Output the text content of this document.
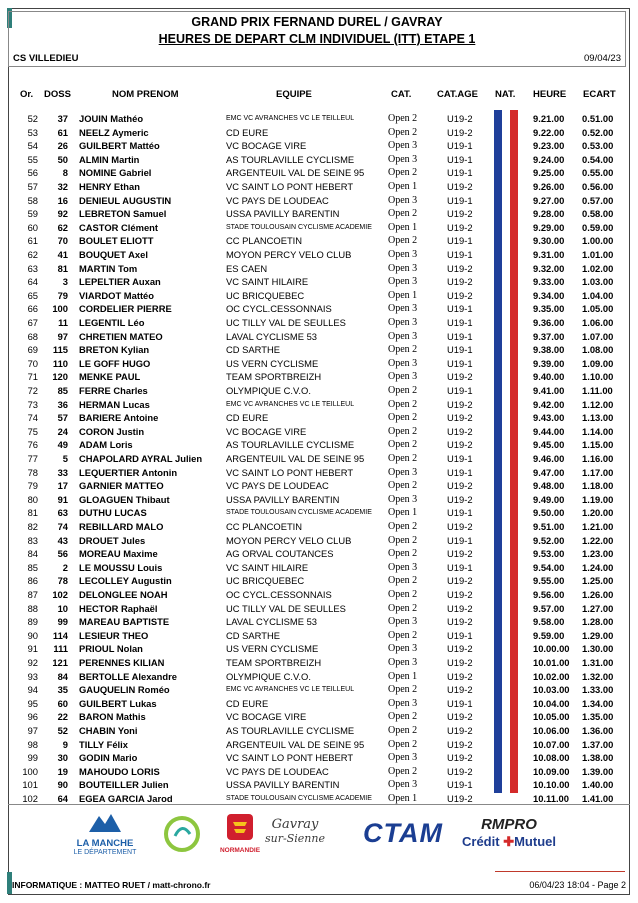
GRAND PRIX FERNAND DUREL / GAVRAY
HEURES DE DEPART CLM INDIVIDUEL (ITT) ETAPE 1
CS VILLEDIEU	09/04/23
Or. DOSS	NOM PRENOM	EQUIPE	CAT.	CAT.AGE NAT. HEURE ECART
52	37 JOUIN Mathéo	EMC VC AVRANCHES VC LE TEILLEUL	Open 2	U19-2	9.21.00 0.51.00
53	61 NEELZ Aymeric	CD EURE	Open 2	U19-2	9.22.00 0.52.00
54	26 GUILBERT Mattéo	VC BOCAGE VIRE	Open 3	U19-1	9.23.00 0.53.00
55	50 ALMIN Martin	AS TOURLAVILLE CYCLISME	Open 3	U19-1	9.24.00 0.54.00
56	8 NOMINE Gabriel	ARGENTEUIL VAL DE SEINE 95 Open 2	U19-1	9.25.00 0.55.00
57	32 HENRY Ethan	VC SAINT LO PONT HEBERT	Open 1	U19-2	9.26.00 0.56.00
58	16 DENIEUL AUGUSTIN	VC PAYS DE LOUDEAC	Open 3	U19-1	9.27.00 0.57.00
59	92 LEBRETON Samuel	USSA PAVILLY BARENTIN	Open 2	U19-2	9.28.00 0.58.00
60	62 CASTOR Clément	STADE TOULOUSAIN CYCLISME ACADEMIE Open 1	U19-2	9.29.00 0.59.00
61	70 BOULET ELIOTT	CC PLANCOETIN	Open 2	U19-1	9.30.00 1.00.00
62	41 BOUQUET Axel	MOYON PERCY VELO CLUB	Open 3	U19-1	9.31.00 1.01.00
63	81 MARTIN Tom	ES CAEN	Open 3	U19-2	9.32.00 1.02.00
64	3 LEPELTIER Auxan	VC SAINT HILAIRE	Open 3	U19-2	9.33.00 1.03.00
65	79 VIARDOT Mattéo	UC BRICQUEBEC	Open 1	U19-2	9.34.00 1.04.00
66	100 CORDELIER PIERRE	OC CYCL.CESSONNAIS	Open 3	U19-1	9.35.00 1.05.00
67	11 LEGENTIL Léo	UC TILLY VAL DE SEULLES	Open 3	U19-1	9.36.00 1.06.00
68	97 CHRETIEN MATEO	LAVAL CYCLISME 53	Open 3	U19-1	9.37.00 1.07.00
69	115 BRETON Kylian	CD SARTHE	Open 2	U19-1	9.38.00 1.08.00
70	110 LE GOFF HUGO	US VERN CYCLISME	Open 3	U19-1	9.39.00 1.09.00
71	120 MENKE PAUL	TEAM SPORTBREIZH	Open 3	U19-2	9.40.00 1.10.00
72	85 FERRE Charles	OLYMPIQUE C.V.O.	Open 2	U19-1	9.41.00 1.11.00
73	36 HERMAN Lucas	EMC VC AVRANCHES VC LE TEILLEUL	Open 2	U19-2	9.42.00 1.12.00
74	57 BARIERE Antoine	CD EURE	Open 2	U19-2	9.43.00 1.13.00
75	24 CORON Justin	VC BOCAGE VIRE	Open 2	U19-2	9.44.00 1.14.00
76	49 ADAM Loris	AS TOURLAVILLE CYCLISME	Open 2	U19-2	9.45.00 1.15.00
77	5 CHAPOLARD AYRAL Julien	ARGENTEUIL VAL DE SEINE 95 Open 2	U19-1	9.46.00 1.16.00
78	33 LEQUERTIER Antonin	VC SAINT LO PONT HEBERT	Open 3	U19-1	9.47.00 1.17.00
79	17 GARNIER MATTEO	VC PAYS DE LOUDEAC	Open 2	U19-2	9.48.00 1.18.00
80	91 GLOAGUEN Thibaut	USSA PAVILLY BARENTIN	Open 3	U19-2	9.49.00 1.19.00
81	63 DUTHU LUCAS	STADE TOULOUSAIN CYCLISME ACADEMIE Open 1	U19-1	9.50.00 1.20.00
82	74 REBILLARD MALO	CC PLANCOETIN	Open 2	U19-2	9.51.00 1.21.00
83	43 DROUET Jules	MOYON PERCY VELO CLUB	Open 2	U19-1	9.52.00 1.22.00
84	56 MOREAU Maxime	AG ORVAL COUTANCES	Open 2	U19-2	9.53.00 1.23.00
85	2 LE MOUSSU Louis	VC SAINT HILAIRE	Open 3	U19-1	9.54.00 1.24.00
86	78 LECOLLEY Augustin	UC BRICQUEBEC	Open 2	U19-2	9.55.00 1.25.00
87	102 DELONGLEE NOAH	OC CYCL.CESSONNAIS	Open 2	U19-2	9.56.00 1.26.00
88	10 HECTOR Raphaël	UC TILLY VAL DE SEULLES	Open 2	U19-2	9.57.00 1.27.00
89	99 MAREAU BAPTISTE	LAVAL CYCLISME 53	Open 3	U19-2	9.58.00 1.28.00
90	114 LESIEUR THEO	CD SARTHE	Open 2	U19-1	9.59.00 1.29.00
91	111 PRIOUL Nolan	US VERN CYCLISME	Open 3	U19-2	10.00.00 1.30.00
92	121 PERENNES KILIAN	TEAM SPORTBREIZH	Open 3	U19-2	10.01.00 1.31.00
93	84 BERTOLLE Alexandre	OLYMPIQUE C.V.O.	Open 1	U19-2	10.02.00 1.32.00
94	35 GAUQUELIN Roméo	EMC VC AVRANCHES VC LE TEILLEUL	Open 2	U19-2	10.03.00 1.33.00
95	60 GUILBERT Lukas	CD EURE	Open 3	U19-1	10.04.00 1.34.00
96	22 BARON Mathis	VC BOCAGE VIRE	Open 2	U19-2	10.05.00 1.35.00
97	52 CHABIN Yoni	AS TOURLAVILLE CYCLISME	Open 2	U19-2	10.06.00 1.36.00
98	9 TILLY Félix	ARGENTEUIL VAL DE SEINE 95 Open 2	U19-2	10.07.00 1.37.00
99	30 GODIN Mario	VC SAINT LO PONT HEBERT	Open 3	U19-2	10.08.00 1.38.00
100	19 MAHOUDO LORIS	VC PAYS DE LOUDEAC	Open 2	U19-2	10.09.00 1.39.00
101	90 BOUTEILLER Julien	USSA PAVILLY BARENTIN	Open 3	U19-1	10.10.00 1.40.00
102	64 EGEA GARCIA Jarod	STADE TOULOUSAIN CYCLISME ACADEMIE Open 1	U19-2	10.11.00 1.41.00
LA MANCHE
LE DÉPARTEMENT	NORMANDIE
Gavray
sur-Sienne CTAM	RMPRO
Crédit ✚Mutuel
INFORMATIQUE : MATTEO RUET / matt-chrono.fr	06/04/23 18:04 - Page 2
